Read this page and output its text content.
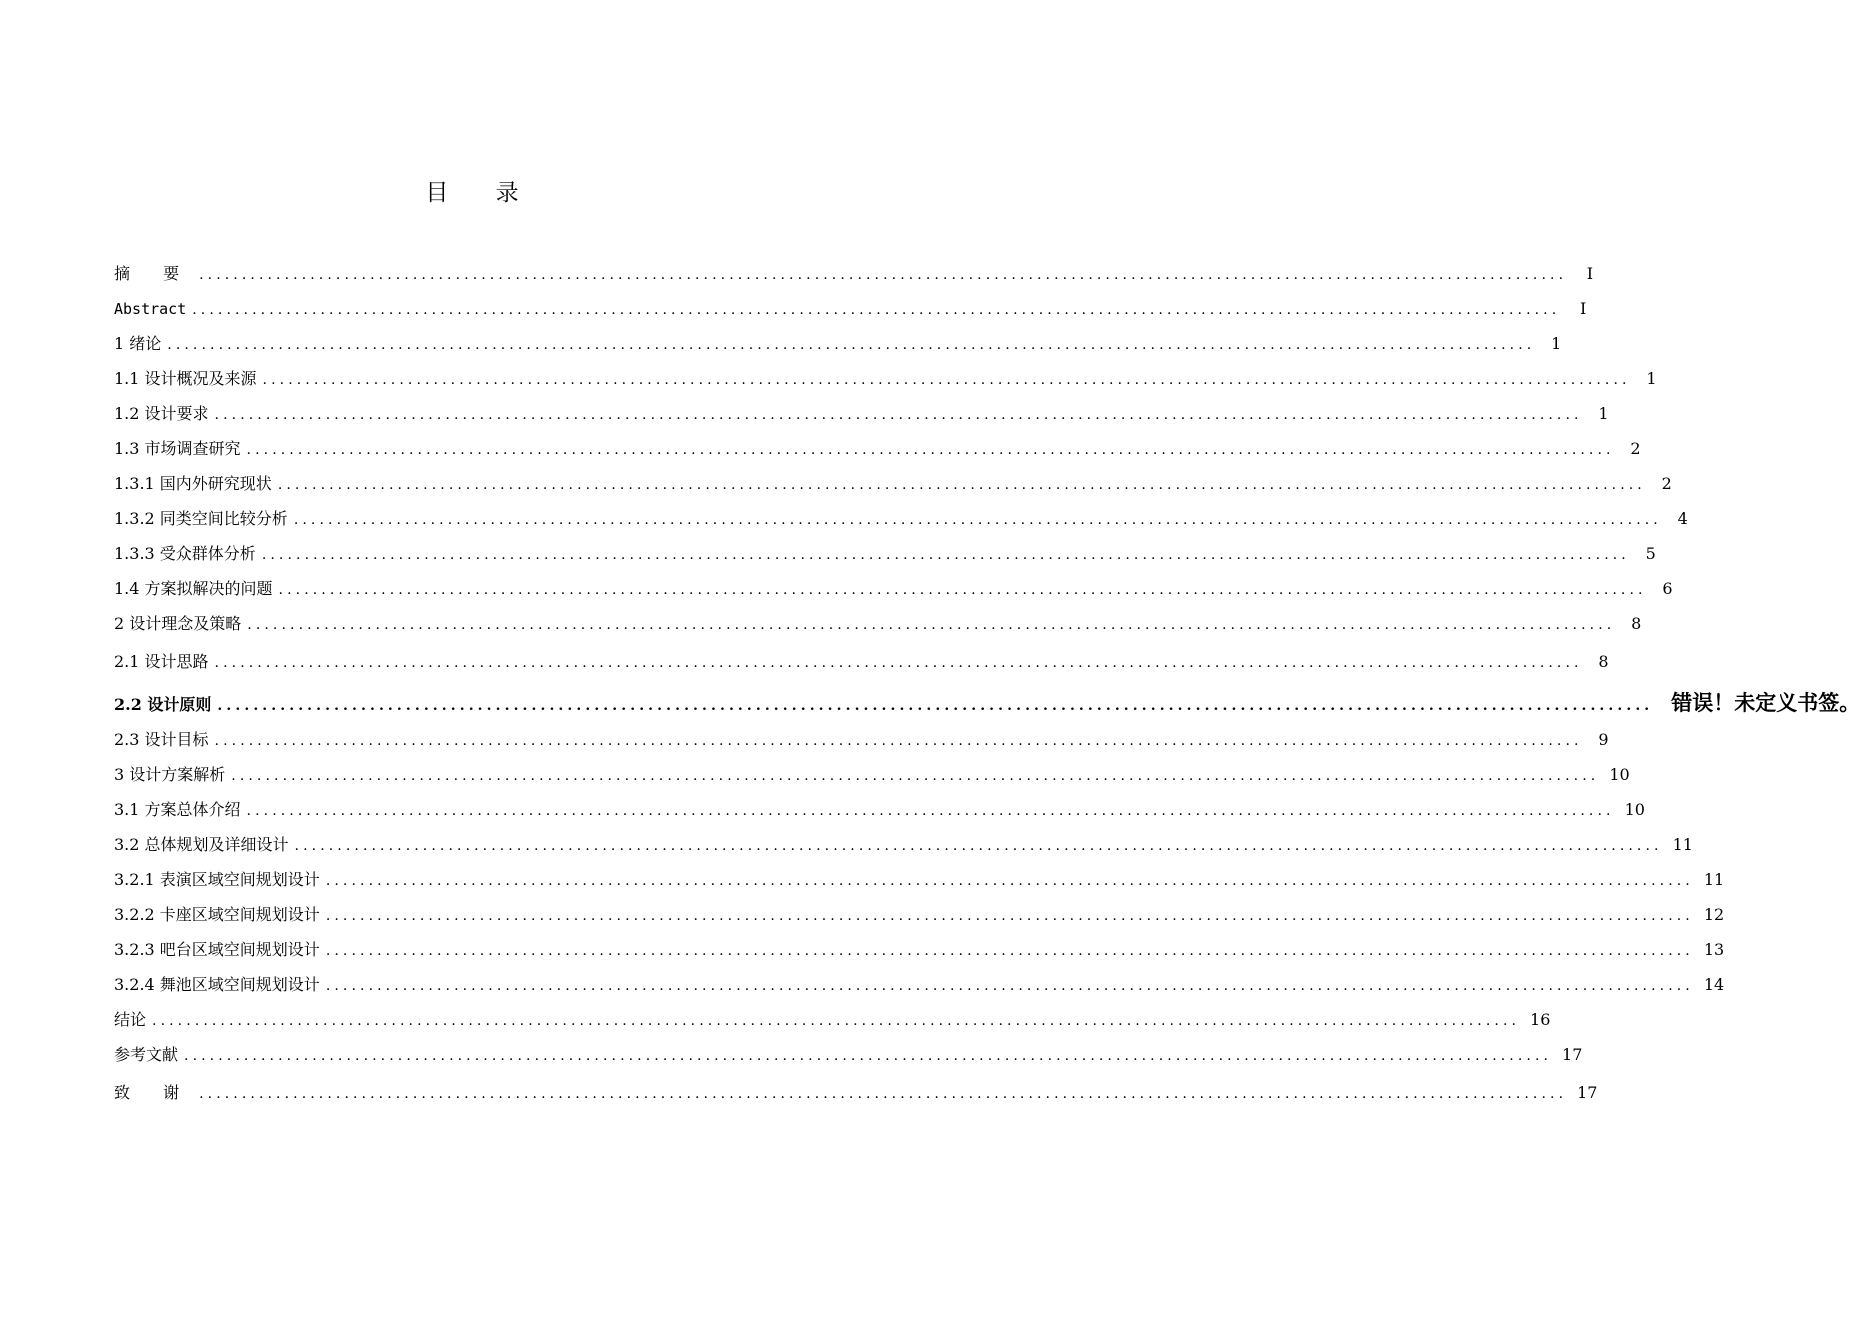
目 录
摘 要 ................................................................................................................................................................	I
Abstract ................................................................................................................................................................	I
1 绪论 ................................................................................................................................................................ 1
1.1 设计概况及来源 ................................................................................................................................................................ 1
1.2 设计要求 ................................................................................................................................................................ 1
1.3 市场调查研究 ................................................................................................................................................................ 2
1.3.1 国内外研究现状 ................................................................................................................................................................ 2
1.3.2 同类空间比较分析 ................................................................................................................................................................ 4
1.3.3 受众群体分析 ................................................................................................................................................................ 5
1.4 方案拟解决的问题 ................................................................................................................................................................ 6
2 设计理念及策略 ................................................................................................................................................................ 8
2.1 设计思路 ................................................................................................................................................................ 8
2.2 设计原则 ................................................................................................................................................................ 错误！未定义书签。
2.3 设计目标 ................................................................................................................................................................ 9
3 设计方案解析 ................................................................................................................................................................ 10
3.1 方案总体介绍 ................................................................................................................................................................ 10
3.2 总体规划及详细设计 ................................................................................................................................................................ 11
3.2.1 表演区域空间规划设计 ................................................................................................................................................................ 11
3.2.2 卡座区域空间规划设计 ................................................................................................................................................................ 12
3.2.3 吧台区域空间规划设计 ................................................................................................................................................................ 13
3.2.4 舞池区域空间规划设计 ................................................................................................................................................................ 14
结论 ................................................................................................................................................................ 16
参考文献 ................................................................................................................................................................ 17
致 谢 ................................................................................................................................................................ 17
